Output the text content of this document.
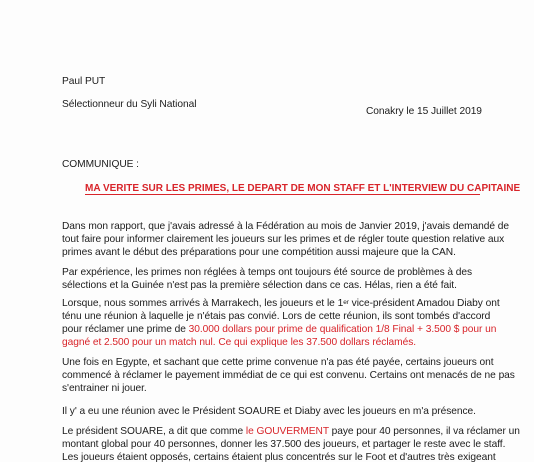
Paul PUT
Sélectionneur du Syli National
Conakry le 15 Juillet 2019
COMMUNIQUE :
MA VERITE SUR LES PRIMES, LE DEPART DE MON STAFF ET L'INTERVIEW DU CAPITAINE
Dans mon rapport, que j'avais adressé à la Fédération au mois de Janvier 2019, j'avais demandé de
tout faire pour informer clairement les joueurs sur les primes et de régler toute question relative aux
primes avant le début des préparations pour une compétition aussi majeure que la CAN.
Par expérience, les primes non réglées à temps ont toujours été source de problèmes à des
sélections et la Guinée n'est pas la première sélection dans ce cas. Hélas, rien a été fait.
Lorsque, nous sommes arrivés à Marrakech, les joueurs et le 1er vice-président Amadou Diaby ont
ténu une réunion à laquelle je n'étais pas convié. Lors de cette réunion, ils sont tombés d'accord
pour réclamer une prime de 30.000 dollars pour prime de qualification 1/8 Final + 3.500 $ pour un
gagné et 2.500 pour un match nul. Ce qui explique les 37.500 dollars réclamés.
Une fois en Egypte, et sachant que cette prime convenue n'a pas été payée, certains joueurs ont
commencé à réclamer le payement immédiat de ce qui est convenu. Certains ont menacés de ne pas
s'entrainer ni jouer.
Il y' a eu une réunion avec le Président SOAURE et Diaby avec les joueurs en m'a présence.
Le président SOUARE, a dit que comme le GOUVERMENT paye pour 40 personnes, il va réclamer un
montant global pour 40 personnes, donner les 37.500 des joueurs, et partager le reste avec le staff.
Les joueurs étaient opposés, certains étaient plus concentrés sur le Foot et d'autres très exigeant
